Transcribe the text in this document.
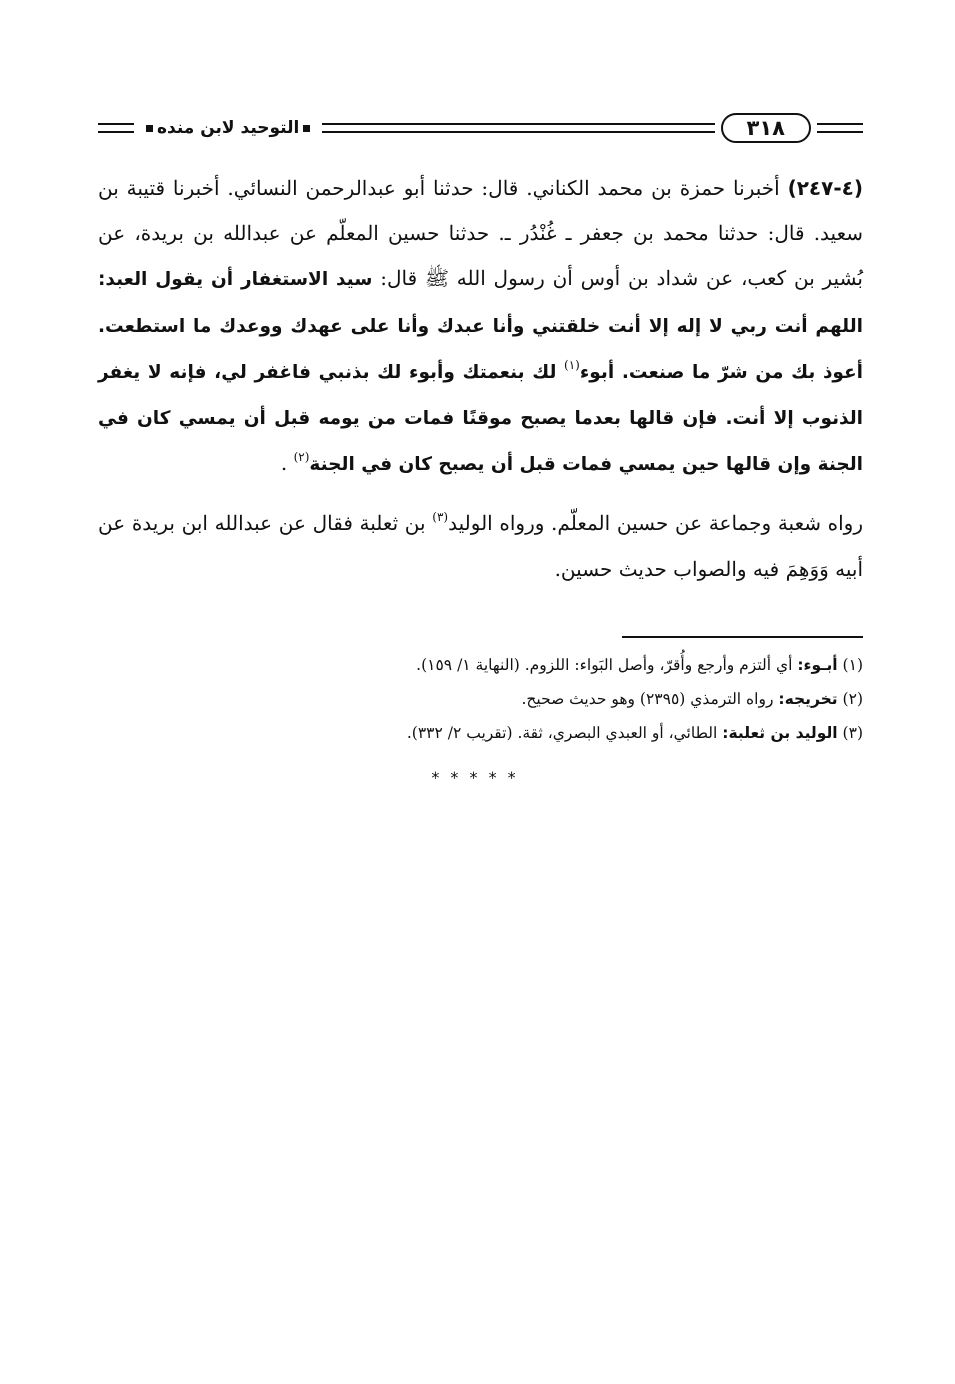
٣١٨
التوحيد لابن منده

(٤-٢٤٧) أخبرنا حمزة بن محمد الكناني. قال: حدثنا أبو عبدالرحمن النسائي. أخبرنا قتيبة بن سعيد. قال: حدثنا محمد بن جعفر ـ غُنْدُر ـ. حدثنا حسين المعلّم عن عبدالله بن بريدة، عن بُشير بن كعب، عن شداد بن أوس أن رسول الله ﷺ قال: سيد الاستغفار أن يقول العبد: اللهم أنت ربي لا إله إلا أنت خلقتني وأنا عبدك وأنا على عهدك ووعدك ما استطعت. أعوذ بك من شرّ ما صنعت. أبوء$^{(١)}$ لك بنعمتك وأبوء لك بذنبي فاغفر لي، فإنه لا يغفر الذنوب إلا أنت. فإن قالها بعدما يصبح موقنًا فمات من يومه قبل أن يمسي كان في الجنة وإن قالها حين يمسي فمات قبل أن يصبح كان في الجنة$^{(٢)}$ .

رواه شعبة وجماعة عن حسين المعلّم. ورواه الوليد$^{(٣)}$ بن ثعلبة فقال عن عبدالله ابن بريدة عن أبيه وَوَهِمَ فيه والصواب حديث حسين.

(١) أبـوء: أي ألتزم وأرجع وأُقرّ، وأصل البَواء: اللزوم. (النهاية ١/ ١٥٩).

(٢) تخريجه: رواه الترمذي (٢٣٩٥) وهو حديث صحيح.

(٣) الوليد بن ثعلبة: الطائي، أو العبدي البصري، ثقة. (تقريب ٢/ ٣٣٢).

* * * * *
